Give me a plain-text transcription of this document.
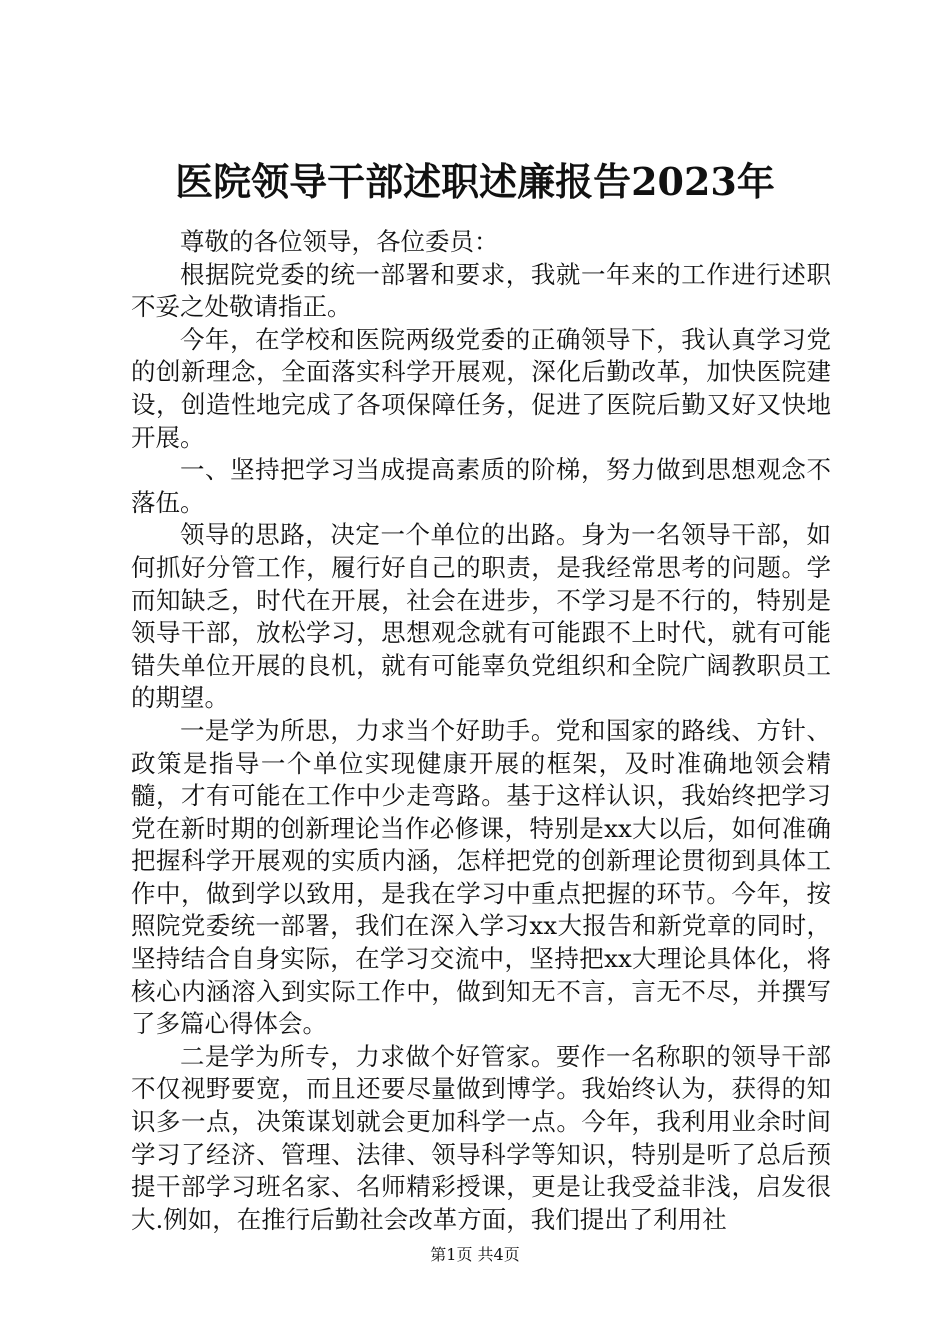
医院领导干部述职述廉报告2023年

尊敬的各位领导，各位委员：

根据院党委的统一部署和要求，我就一年来的工作进行述职不妥之处敬请指正。

今年，在学校和医院两级党委的正确领导下，我认真学习党的创新理念，全面落实科学开展观，深化后勤改革，加快医院建设，创造性地完成了各项保障任务，促进了医院后勤又好又快地开展。

一、坚持把学习当成提高素质的阶梯，努力做到思想观念不落伍。

领导的思路，决定一个单位的出路。身为一名领导干部，如何抓好分管工作，履行好自己的职责，是我经常思考的问题。学而知缺乏，时代在开展，社会在进步，不学习是不行的，特别是领导干部，放松学习，思想观念就有可能跟不上时代，就有可能错失单位开展的良机，就有可能辜负党组织和全院广阔教职员工的期望。

一是学为所思，力求当个好助手。党和国家的路线、方针、政策是指导一个单位实现健康开展的框架，及时准确地领会精髓，才有可能在工作中少走弯路。基于这样认识，我始终把学习党在新时期的创新理论当作必修课，特别是xx大以后，如何准确把握科学开展观的实质内涵，怎样把党的创新理论贯彻到具体工作中，做到学以致用，是我在学习中重点把握的环节。今年，按照院党委统一部署，我们在深入学习xx大报告和新党章的同时，坚持结合自身实际，在学习交流中，坚持把xx大理论具体化，将核心内涵溶入到实际工作中，做到知无不言，言无不尽，并撰写了多篇心得体会。

二是学为所专，力求做个好管家。要作一名称职的领导干部不仅视野要宽，而且还要尽量做到博学。我始终认为，获得的知识多一点，决策谋划就会更加科学一点。今年，我利用业余时间学习了经济、管理、法律、领导科学等知识，特别是听了总后预提干部学习班名家、名师精彩授课，更是让我受益非浅，启发很大.例如，在推行后勤社会改革方面，我们提出了利用社

第1页 共4页
